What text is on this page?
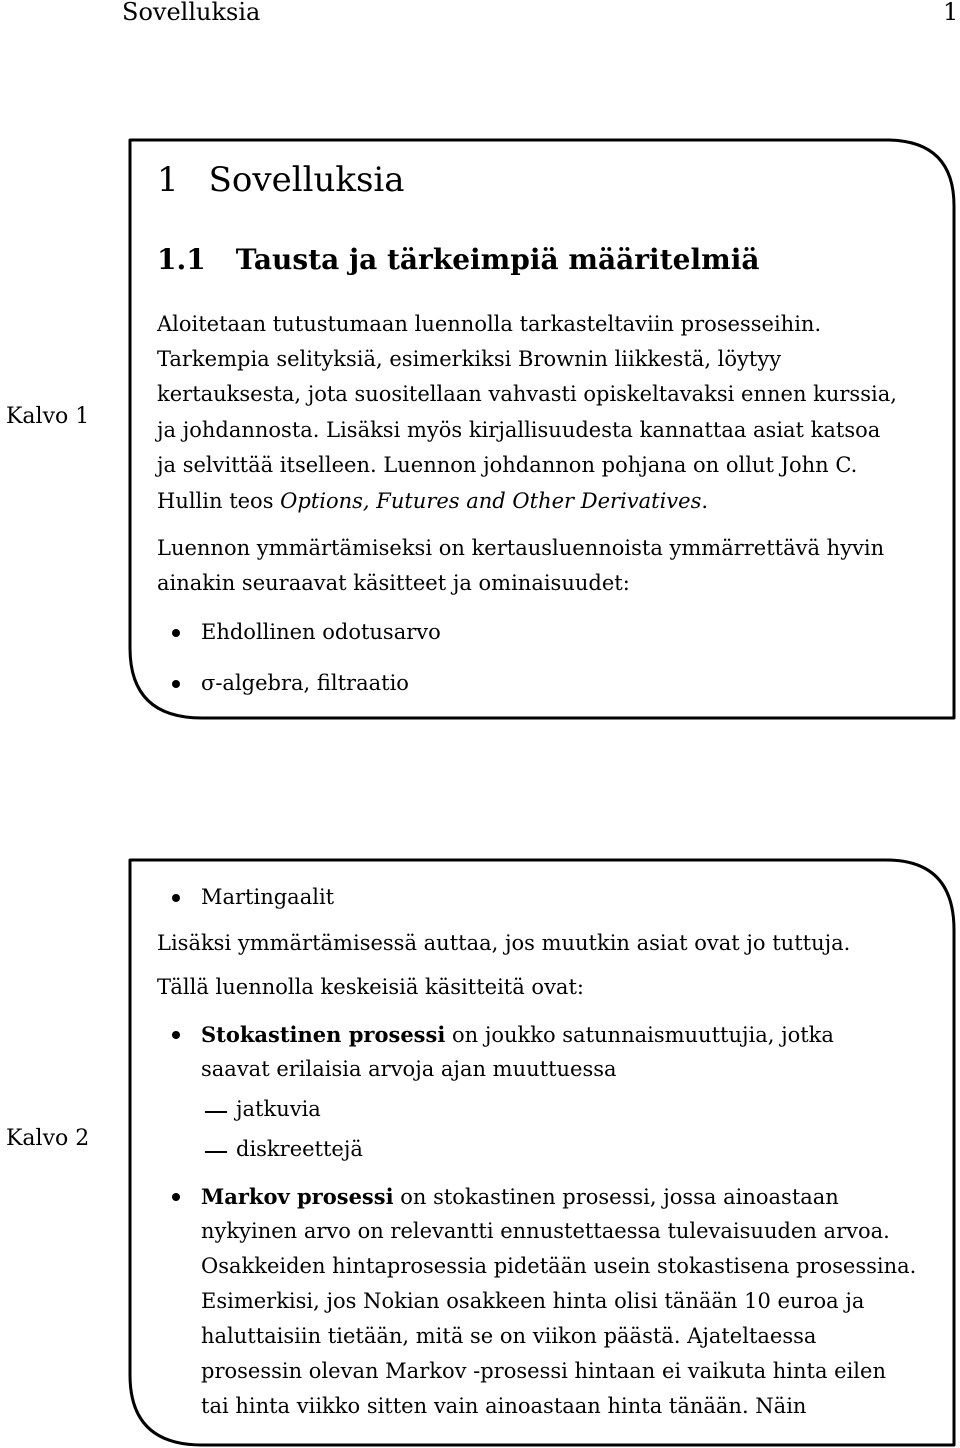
Sovelluksia	1
Kalvo 1
1 Sovelluksia
1.1 Tausta ja tärkeimpiä määritelmiä
Aloitetaan tutustumaan luennolla tarkasteltaviin prosesseihin.
Tarkempia selityksiä, esimerkiksi Brownin liikkestä, löytyy
kertauksesta, jota suositellaan vahvasti opiskeltavaksi ennen kurssia,
ja johdannosta. Lisäksi myös kirjallisuudesta kannattaa asiat katsoa
ja selvittää itselleen. Luennon johdannon pohjana on ollut John C.
Hullin teos Options, Futures and Other Derivatives.
Luennon ymmärtämiseksi on kertausluennoista ymmärrettävä hyvin
ainakin seuraavat käsitteet ja ominaisuudet:
Ehdollinen odotusarvo
σ-algebra, filtraatio
Kalvo 2
Martingaalit
Lisäksi ymmärtämisessä auttaa, jos muutkin asiat ovat jo tuttuja.
Tällä luennolla keskeisiä käsitteitä ovat:
Stokastinen prosessi on joukko satunnaismuuttujia, jotka
saavat erilaisia arvoja ajan muuttuessa
jatkuvia
diskreettejä
Markov prosessi on stokastinen prosessi, jossa ainoastaan
nykyinen arvo on relevantti ennustettaessa tulevaisuuden arvoa.
Osakkeiden hintaprosessia pidetään usein stokastisena prosessina.
Esimerkisi, jos Nokian osakkeen hinta olisi tänään 10 euroa ja
haluttaisiin tietään, mitä se on viikon päästä. Ajateltaessa
prosessin olevan Markov -prosessi hintaan ei vaikuta hinta eilen
tai hinta viikko sitten vain ainoastaan hinta tänään. Näin
